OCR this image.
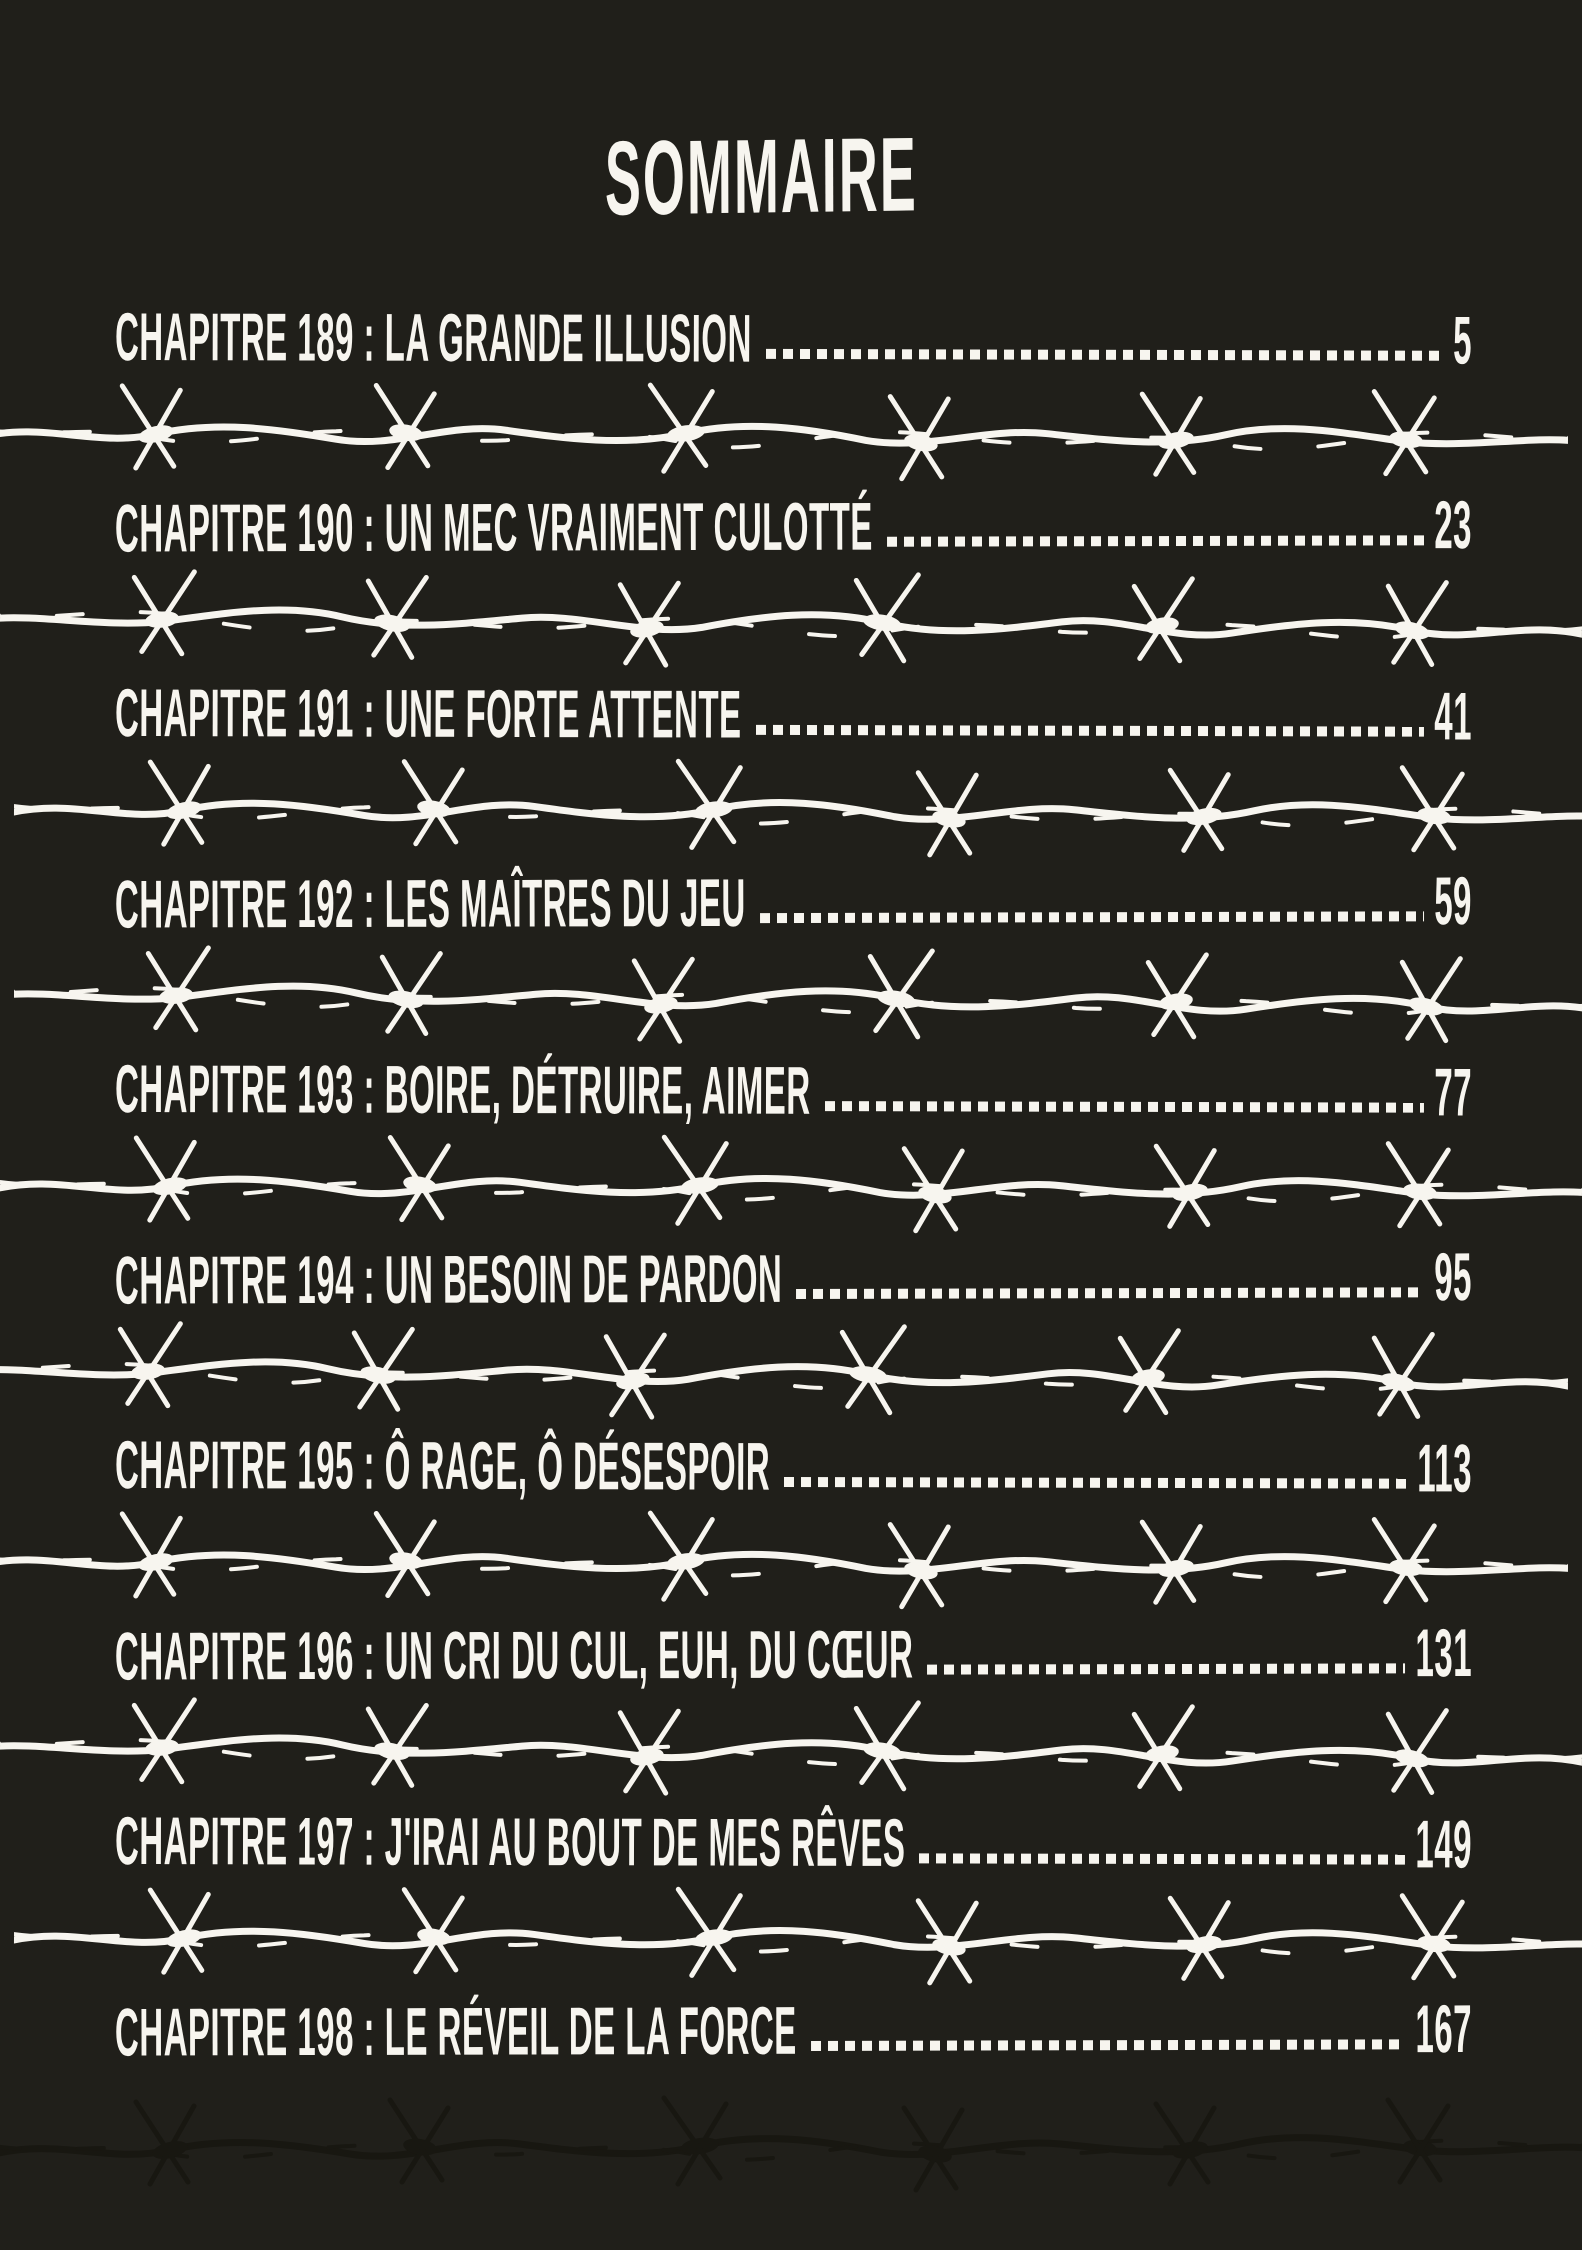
SOMMAIRE
CHAPITRE 189 : LA GRANDE ILLUSION	5
CHAPITRE 190 : UN MEC VRAIMENT CULOTTÉ	23
CHAPITRE 191 : UNE FORTE ATTENTE	41
CHAPITRE 192 : LES MAÎTRES DU JEU	59
CHAPITRE 193 : BOIRE, DÉTRUIRE, AIMER	77
CHAPITRE 194 : UN BESOIN DE PARDON	95
CHAPITRE 195 : Ô RAGE, Ô DÉSESPOIR	113
CHAPITRE 196 : UN CRI DU CUL, EUH, DU CŒUR	131
CHAPITRE 197 : J'IRAI AU BOUT DE MES RÊVES	149
CHAPITRE 198 : LE RÉVEIL DE LA FORCE	167
